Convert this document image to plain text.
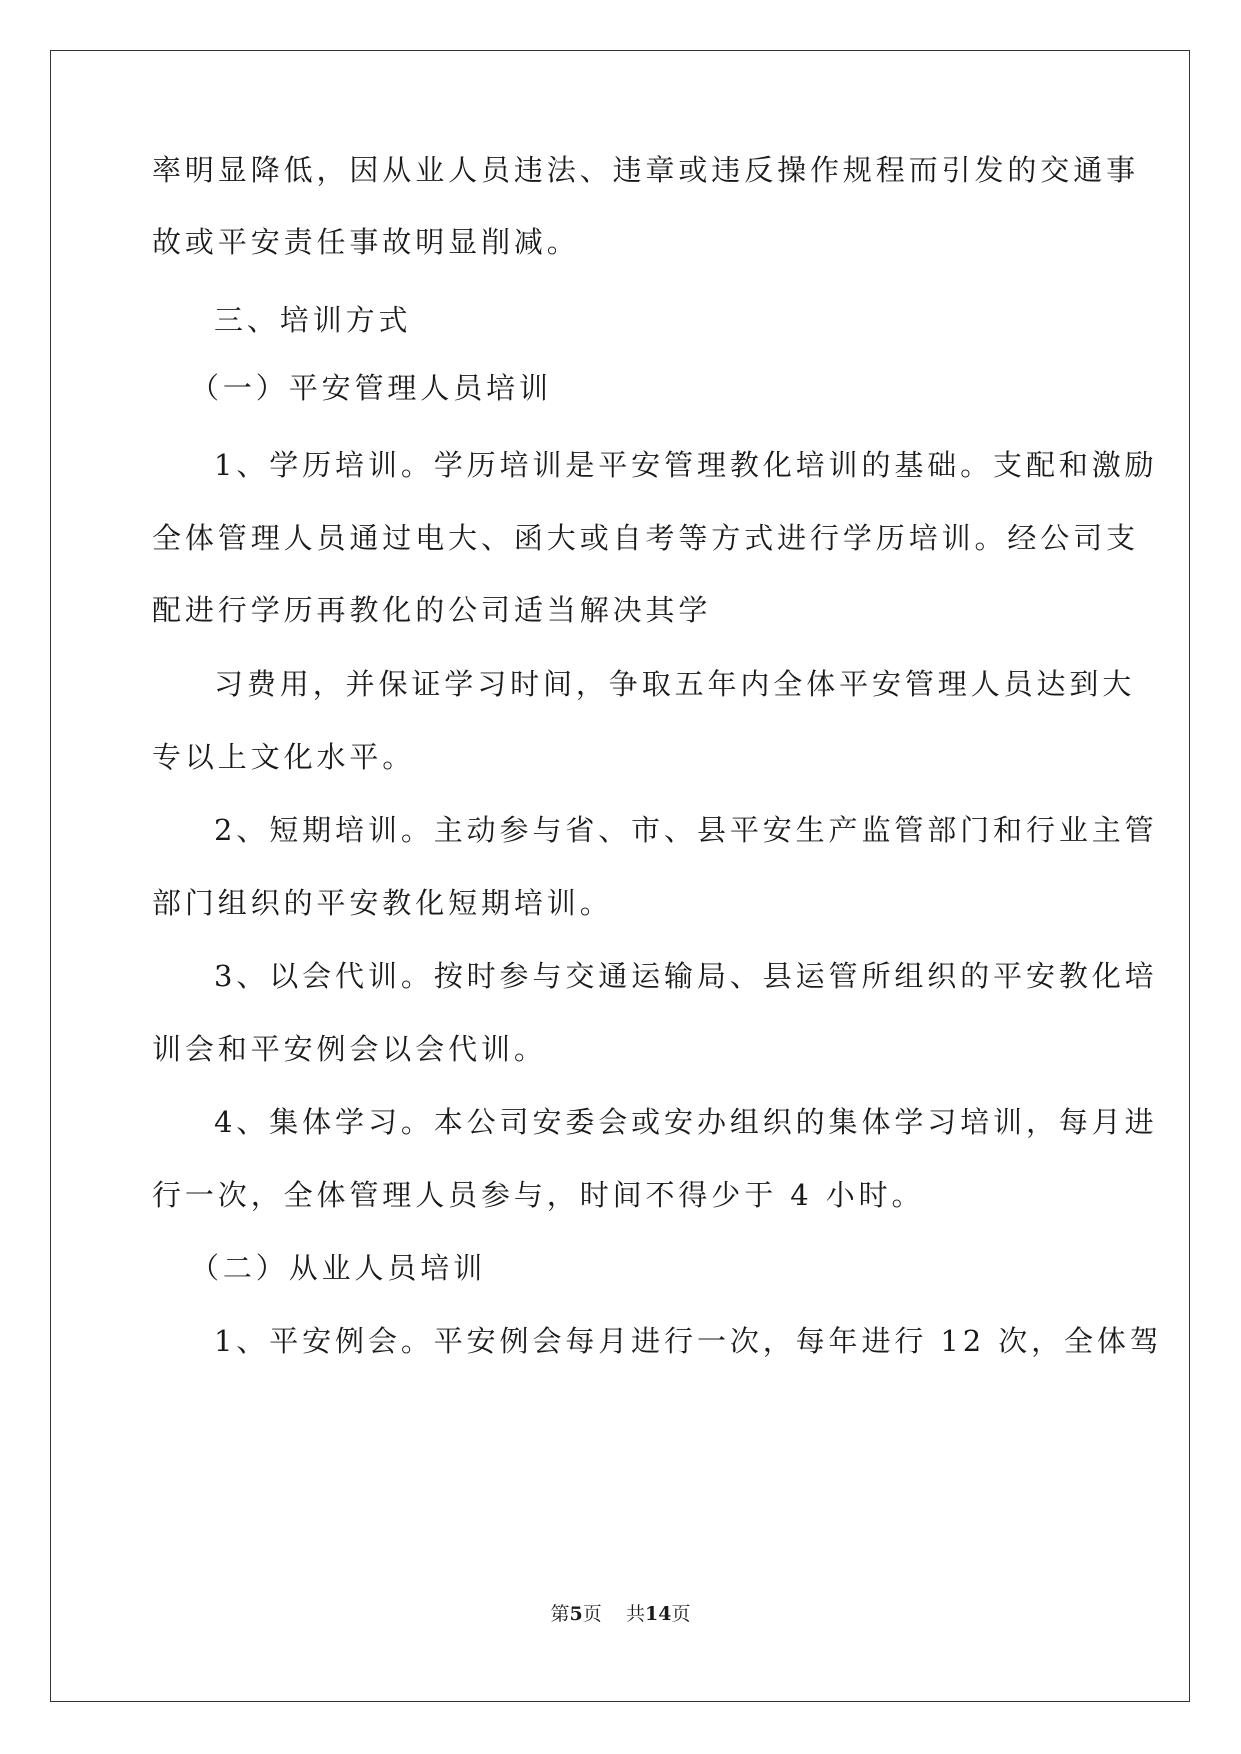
率明显降低，因从业人员违法、违章或违反操作规程而引发的交通事
故或平安责任事故明显削减。
三、培训方式
（一）平安管理人员培训
1、学历培训。学历培训是平安管理教化培训的基础。支配和激励
全体管理人员通过电大、函大或自考等方式进行学历培训。经公司支
配进行学历再教化的公司适当解决其学
习费用，并保证学习时间，争取五年内全体平安管理人员达到大
专以上文化水平。
2、短期培训。主动参与省、市、县平安生产监管部门和行业主管
部门组织的平安教化短期培训。
3、以会代训。按时参与交通运输局、县运管所组织的平安教化培
训会和平安例会以会代训。
4、集体学习。本公司安委会或安办组织的集体学习培训，每月进
行一次，全体管理人员参与，时间不得少于 4 小时。
（二）从业人员培训
1、平安例会。平安例会每月进行一次，每年进行 12 次，全体驾
第5页 共14页
